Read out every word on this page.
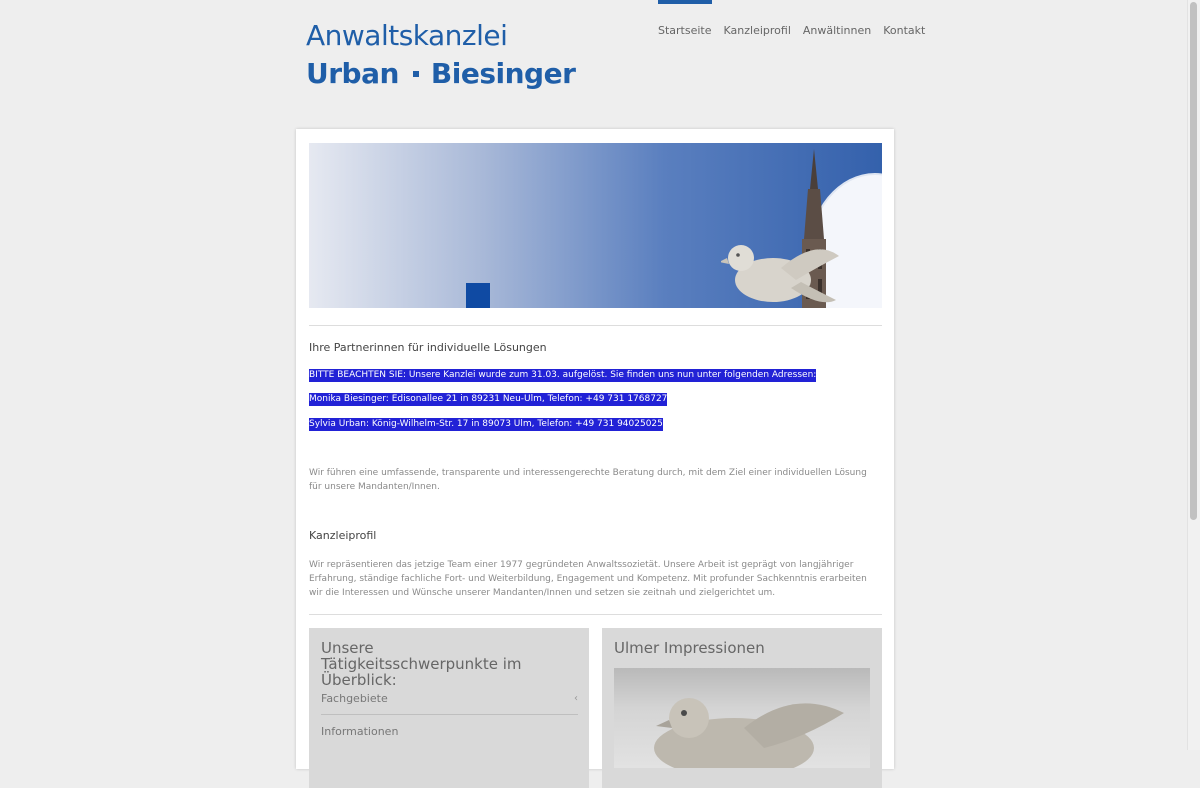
Anwaltskanzlei
Urban Biesinger
Startseite	Kanzleiprofil	Anwältinnen	Kontakt
Ihre Partnerinnen für individuelle Lösungen
BITTE BEACHTEN SIE: Unsere Kanzlei wurde zum 31.03. aufgelöst. Sie finden uns nun unter folgenden Adressen:
Monika Biesinger: Edisonallee 21 in 89231 Neu-Ulm, Telefon: +49 731 1768727
Sylvia Urban: König-Wilhelm-Str. 17 in 89073 Ulm, Telefon: +49 731 94025025
Wir führen eine umfassende, transparente und interessengerechte Beratung durch, mit dem Ziel einer individuellen Lösung für unsere Mandanten/Innen.
Kanzleiprofil
Wir repräsentieren das jetzige Team einer 1977 gegründeten Anwaltssozietät. Unsere Arbeit ist geprägt von langjähriger Erfahrung, ständige fachliche Fort- und Weiterbildung, Engagement und Kompetenz. Mit profunder Sachkenntnis erarbeiten wir die Interessen und Wünsche unserer Mandanten/Innen und setzen sie zeitnah und zielgerichtet um.
Unsere Tätigkeitsschwerpunkte im Überblick:
Fachgebiete	‹
Informationen
Ulmer Impressionen
